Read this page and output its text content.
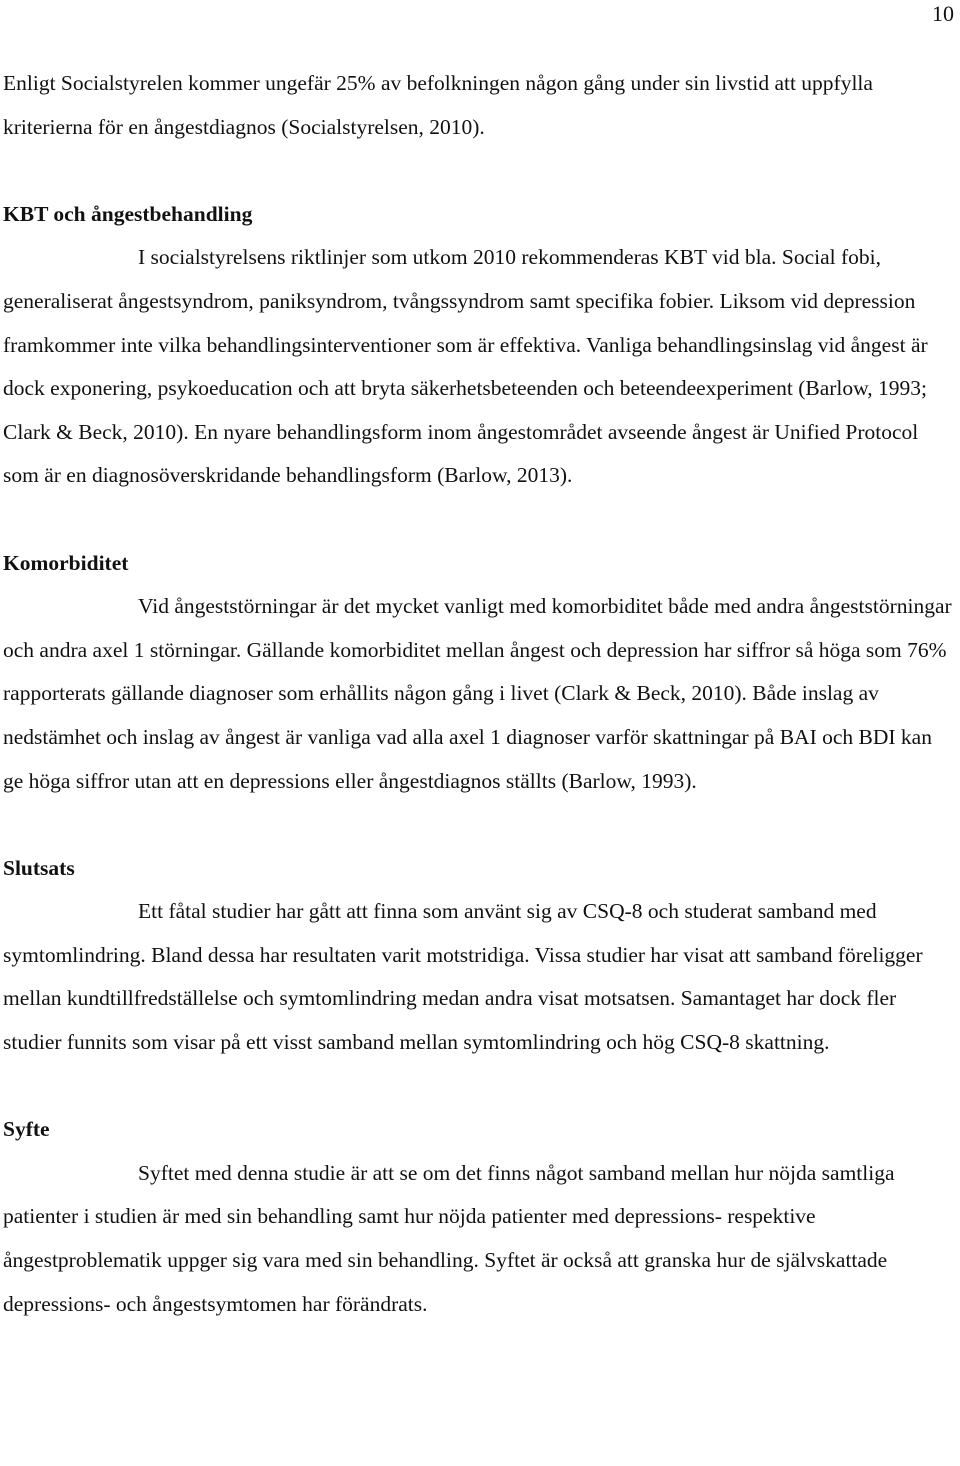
10

Enligt Socialstyrelen kommer ungefär 25% av befolkningen någon gång under sin livstid att uppfylla kriterierna för en ångestdiagnos (Socialstyrelsen, 2010).

KBT och ångestbehandling

I socialstyrelsens riktlinjer som utkom 2010 rekommenderas KBT vid bla. Social fobi, generaliserat ångestsyndrom, paniksyndrom, tvångssyndrom samt specifika fobier. Liksom vid depression framkommer inte vilka behandlingsinterventioner som är effektiva. Vanliga behandlingsinslag vid ångest är dock exponering, psykoeducation och att bryta säkerhetsbeteenden och beteendeexperiment (Barlow, 1993; Clark & Beck, 2010). En nyare behandlingsform inom ångestområdet avseende ångest är Unified Protocol som är en diagnosöverskridande behandlingsform (Barlow, 2013).

Komorbiditet

Vid ångeststörningar är det mycket vanligt med komorbiditet både med andra ångeststörningar och andra axel 1 störningar. Gällande komorbiditet mellan ångest och depression har siffror så höga som 76% rapporterats gällande diagnoser som erhållits någon gång i livet (Clark & Beck, 2010). Både inslag av nedstämhet och inslag av ångest är vanliga vad alla axel 1 diagnoser varför skattningar på BAI och BDI kan ge höga siffror utan att en depressions eller ångestdiagnos ställts (Barlow, 1993).

Slutsats

Ett fåtal studier har gått att finna som använt sig av CSQ-8 och studerat samband med symtomlindring. Bland dessa har resultaten varit motstridiga. Vissa studier har visat att samband föreligger mellan kundtillfredställelse och symtomlindring medan andra visat motsatsen. Samantaget har dock fler studier funnits som visar på ett visst samband mellan symtomlindring och hög CSQ-8 skattning.

Syfte

Syftet med denna studie är att se om det finns något samband mellan hur nöjda samtliga patienter i studien är med sin behandling samt hur nöjda patienter med depressions- respektive ångestproblematik uppger sig vara med sin behandling. Syftet är också att granska hur de självskattade depressions- och ångestsymtomen har förändrats.
